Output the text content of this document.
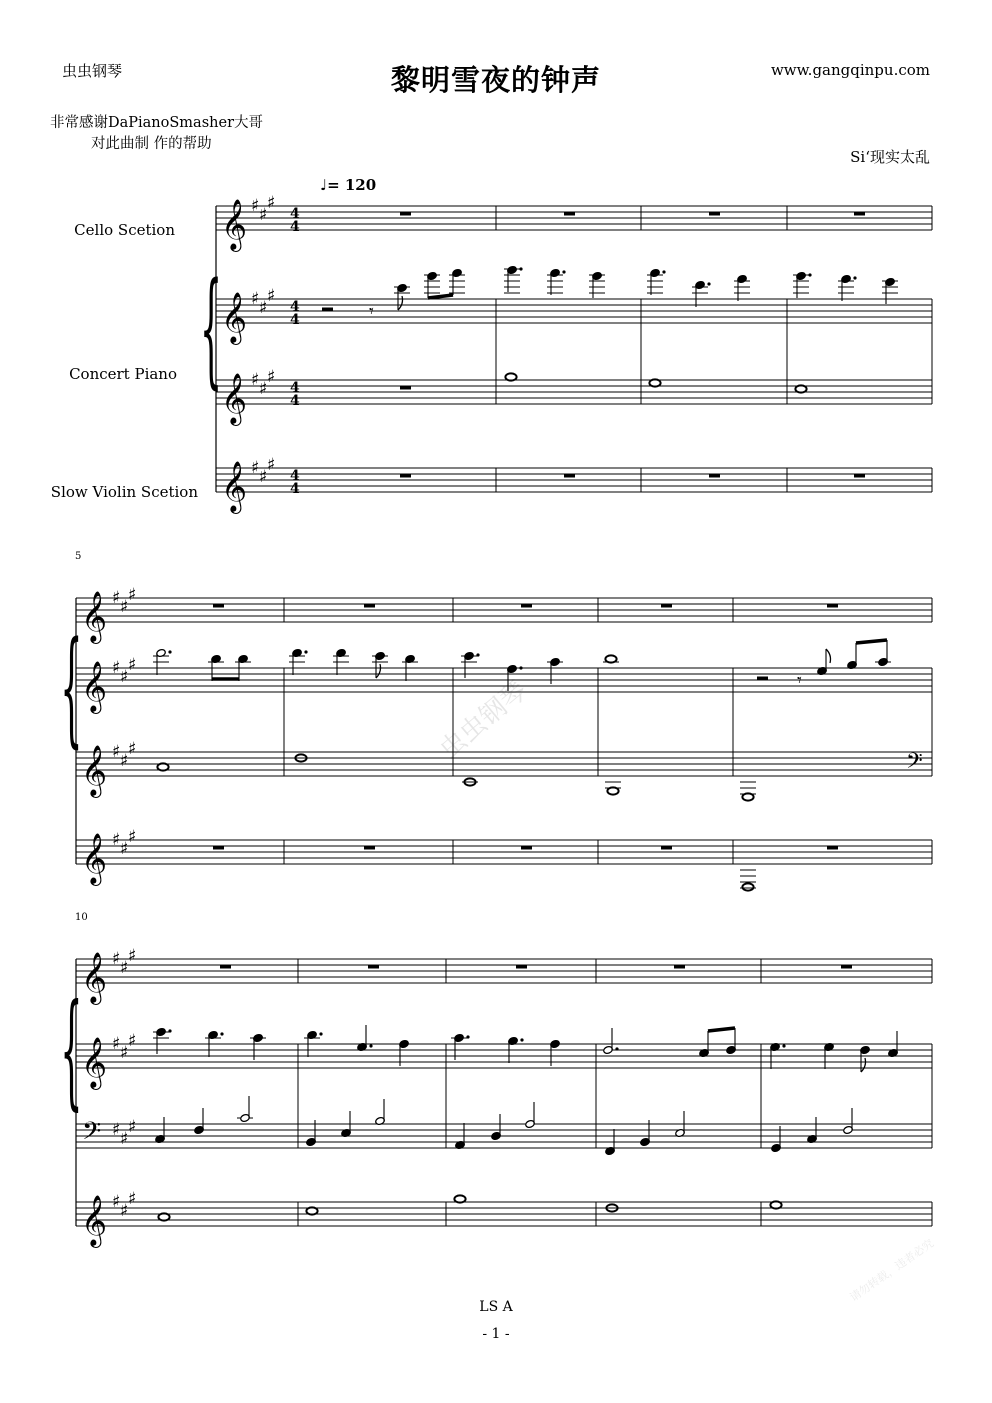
虫虫钢琴	黎明雪夜的钟声	www.gangqinpu.com
非常感谢DaPianoSmasher大哥
对此曲制 作的帮助
Si‘现实太乱
Cello Scetion
Concert Piano
Slow Violin Scetion
♩= 120
5
10
虫虫钢琴
请勿转载，违者必究
{
𝄞 ♯ ♯
♯
4
4
𝄞 ♯ ♯
♯
4
4
𝄞 ♯ ♯
♯
4
4
𝄞 ♯ ♯
♯
4
4
𝄾
{
𝄞 ♯ ♯
♯
𝄞 ♯ ♯
♯
𝄞 ♯ ♯
♯
𝄞 ♯ ♯
♯
𝄾
𝄢
{
𝄞 ♯ ♯
♯
𝄞 ♯ ♯
♯
𝄞 ♯ ♯
♯
𝄢 ♯ ♯
♯
LS A
- 1 -
